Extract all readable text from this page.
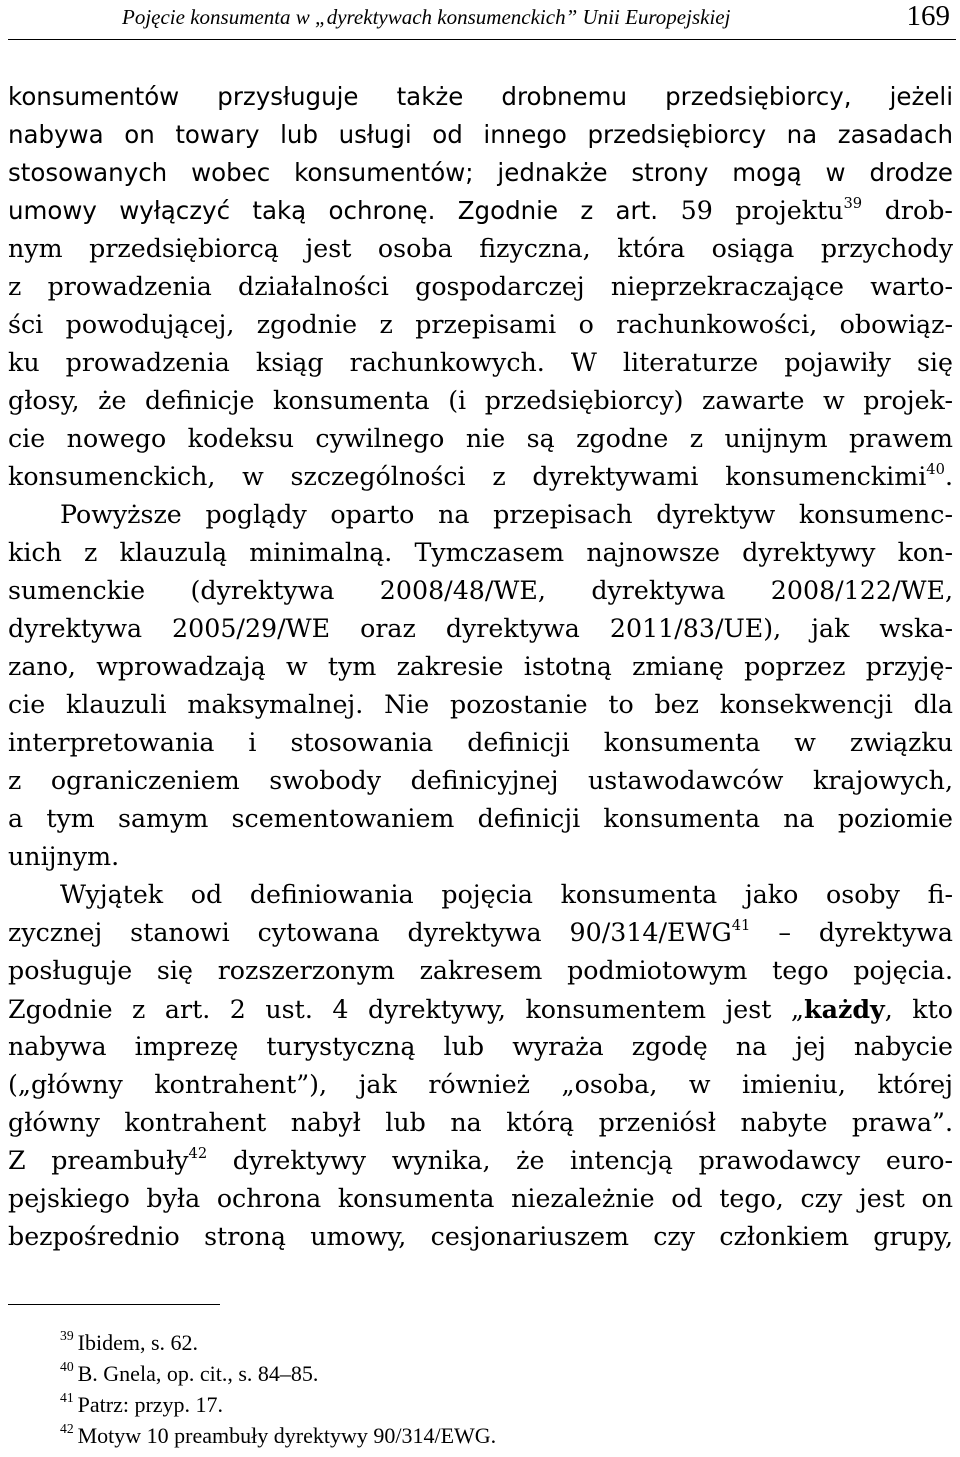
Pojęcie konsumenta w „dyrektywach konsumenckich” Unii Europejskiej	169
konsumentów przysługuje także drobnemu przedsiębiorcy, jeżeli
nabywa on towary lub usługi od innego przedsiębiorcy na zasadach
stosowanych wobec konsumentów; jednakże strony mogą w drodze
umowy wyłączyć taką ochronę. Zgodnie z art. 59 projektu$^{39}$ drob-
nym przedsiębiorcą jest osoba fizyczna, która osiąga przychody
z prowadzenia działalności gospodarczej nieprzekraczające warto-
ści powodującej, zgodnie z przepisami o rachunkowości, obowiąz-
ku prowadzenia ksiąg rachunkowych. W literaturze pojawiły się
głosy, że definicje konsumenta (i przedsiębiorcy) zawarte w projek-
cie nowego kodeksu cywilnego nie są zgodne z unijnym prawem
konsumenckich, w szczególności z dyrektywami konsumenckimi$^{40}$.
Powyższe poglądy oparto na przepisach dyrektyw konsumenc-
kich z klauzulą minimalną. Tymczasem najnowsze dyrektywy kon-
sumenckie (dyrektywa 2008/48/WE, dyrektywa 2008/122/WE,
dyrektywa 2005/29/WE oraz dyrektywa 2011/83/UE), jak wska-
zano, wprowadzają w tym zakresie istotną zmianę poprzez przyję-
cie klauzuli maksymalnej. Nie pozostanie to bez konsekwencji dla
interpretowania i stosowania definicji konsumenta w związku
z ograniczeniem swobody definicyjnej ustawodawców krajowych,
a tym samym scementowaniem definicji konsumenta na poziomie
unijnym.
Wyjątek od definiowania pojęcia konsumenta jako osoby fi-
zycznej stanowi cytowana dyrektywa 90/314/EWG$^{41}$ – dyrektywa
posługuje się rozszerzonym zakresem podmiotowym tego pojęcia.
Zgodnie z art. 2 ust. 4 dyrektywy, konsumentem jest „każdy, kto
nabywa imprezę turystyczną lub wyraża zgodę na jej nabycie
(„główny kontrahent”), jak również „osoba, w imieniu, której
główny kontrahent nabył lub na którą przeniósł nabyte prawa”.
Z preambuły$^{42}$ dyrektywy wynika, że intencją prawodawcy euro-
pejskiego była ochrona konsumenta niezależnie od tego, czy jest on
bezpośrednio stroną umowy, cesjonariuszem czy członkiem grupy,
$^{39}$ Ibidem, s. 62.
$^{40}$ B. Gnela, op. cit., s. 84–85.
$^{41}$ Patrz: przyp. 17.
$^{42}$ Motyw 10 preambuły dyrektywy 90/314/EWG.
